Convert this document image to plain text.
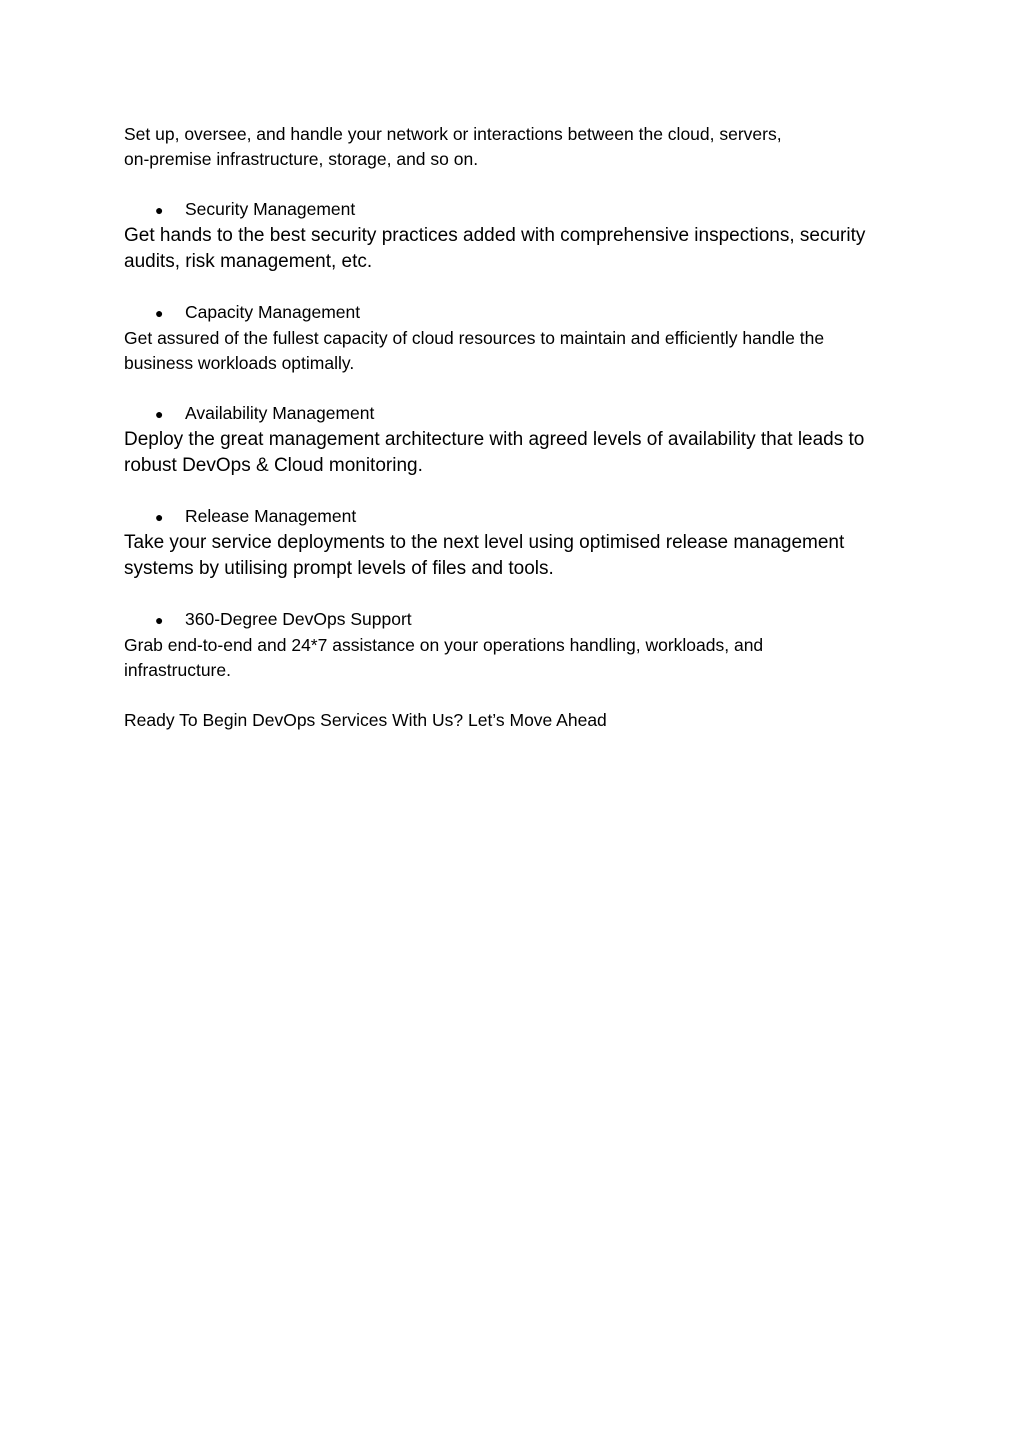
Set up, oversee, and handle your network or interactions between the cloud, servers,
on-premise infrastructure, storage, and so on.

●	Security Management

Get hands to the best security practices added with comprehensive inspections, security
audits, risk management, etc.

●	Capacity Management

Get assured of the fullest capacity of cloud resources to maintain and efficiently handle the
business workloads optimally.

●	Availability Management

Deploy the great management architecture with agreed levels of availability that leads to
robust DevOps & Cloud monitoring.

●	Release Management

Take your service deployments to the next level using optimised release management
systems by utilising prompt levels of files and tools.

●	360-Degree DevOps Support

Grab end-to-end and 24*7 assistance on your operations handling, workloads, and
infrastructure.

Ready To Begin DevOps Services With Us? Let’s Move Ahead
